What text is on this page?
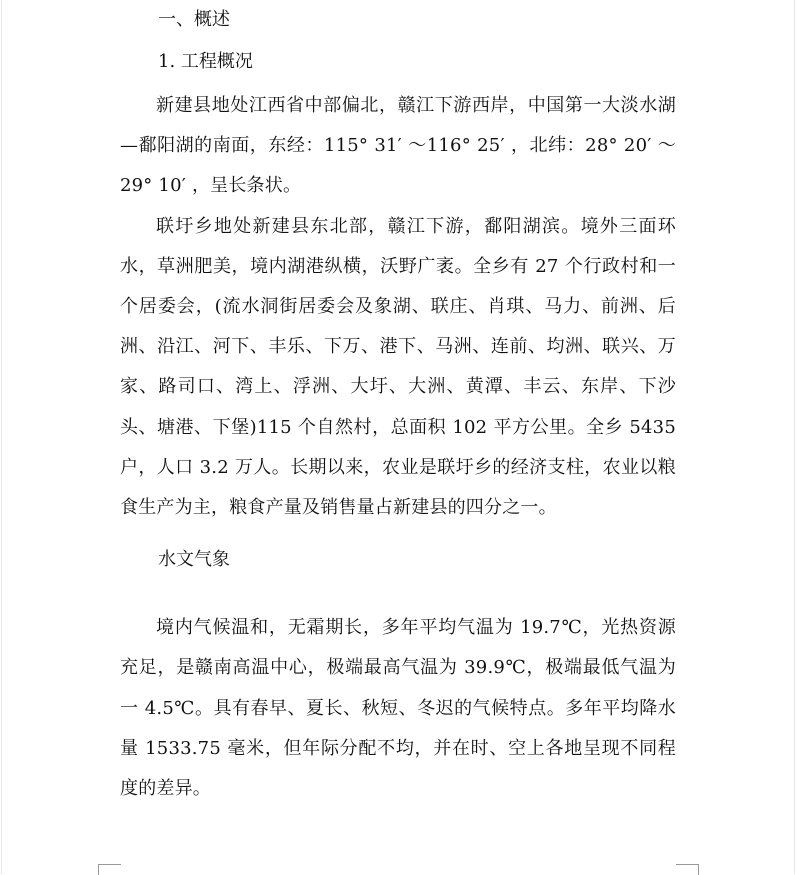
一、概述
1. 工程概况

新建县地处江西省中部偏北，赣江下游西岸，中国第一大淡水湖—鄱阳湖的南面，东经：115° 31′ ～116° 25′ ，北纬：28° 20′ ～29° 10′ ，呈长条状。

联圩乡地处新建县东北部，赣江下游，鄱阳湖滨。境外三面环水，草洲肥美，境内湖港纵横，沃野广袤。全乡有 27 个行政村和一个居委会，(流水洞街居委会及象湖、联庄、肖琪、马力、前洲、后洲、沿江、河下、丰乐、下万、港下、马洲、连前、均洲、联兴、万家、路司口、湾上、浮洲、大圩、大洲、黄潭、丰云、东岸、下沙头、塘港、下堡)115 个自然村，总面积 102 平方公里。全乡 5435 户，人口 3.2 万人。长期以来，农业是联圩乡的经济支柱，农业以粮食生产为主，粮食产量及销售量占新建县的四分之一。

水文气象

境内气候温和，无霜期长，多年平均气温为 19.7℃，光热资源充足，是赣南高温中心，极端最高气温为 39.9℃，极端最低气温为一 4.5℃。具有春早、夏长、秋短、冬迟的气候特点。多年平均降水量 1533.75 毫米，但年际分配不均，并在时、空上各地呈现不同程度的差异。
